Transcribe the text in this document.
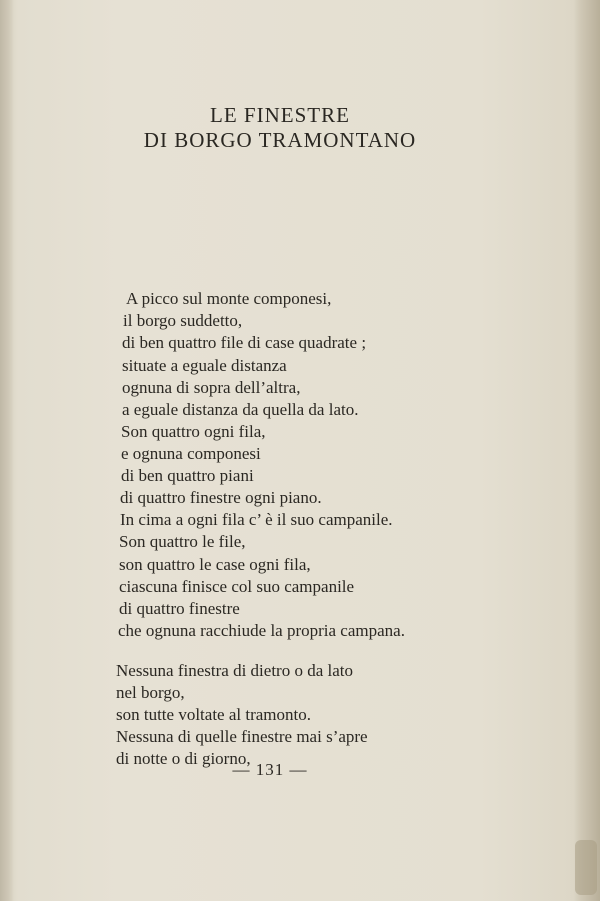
LE FINESTRE
DI BORGO TRAMONTANO
A picco sul monte componesi,
il borgo suddetto,
di ben quattro file di case quadrate ;
situate a eguale distanza
ognuna di sopra dell’altra,
a eguale distanza da quella da lato.
Son quattro ogni fila,
e ognuna componesi
di ben quattro piani
di quattro finestre ogni piano.
In cima a ogni fila c’ è il suo campanile.
Son quattro le file,
son quattro le case ogni fila,
ciascuna finisce col suo campanile
di quattro finestre
che ognuna racchiude la propria campana.
Nessuna finestra di dietro o da lato
nel borgo,
son tutte voltate al tramonto.
Nessuna di quelle finestre mai s’apre
di notte o di giorno,
— 131 —
